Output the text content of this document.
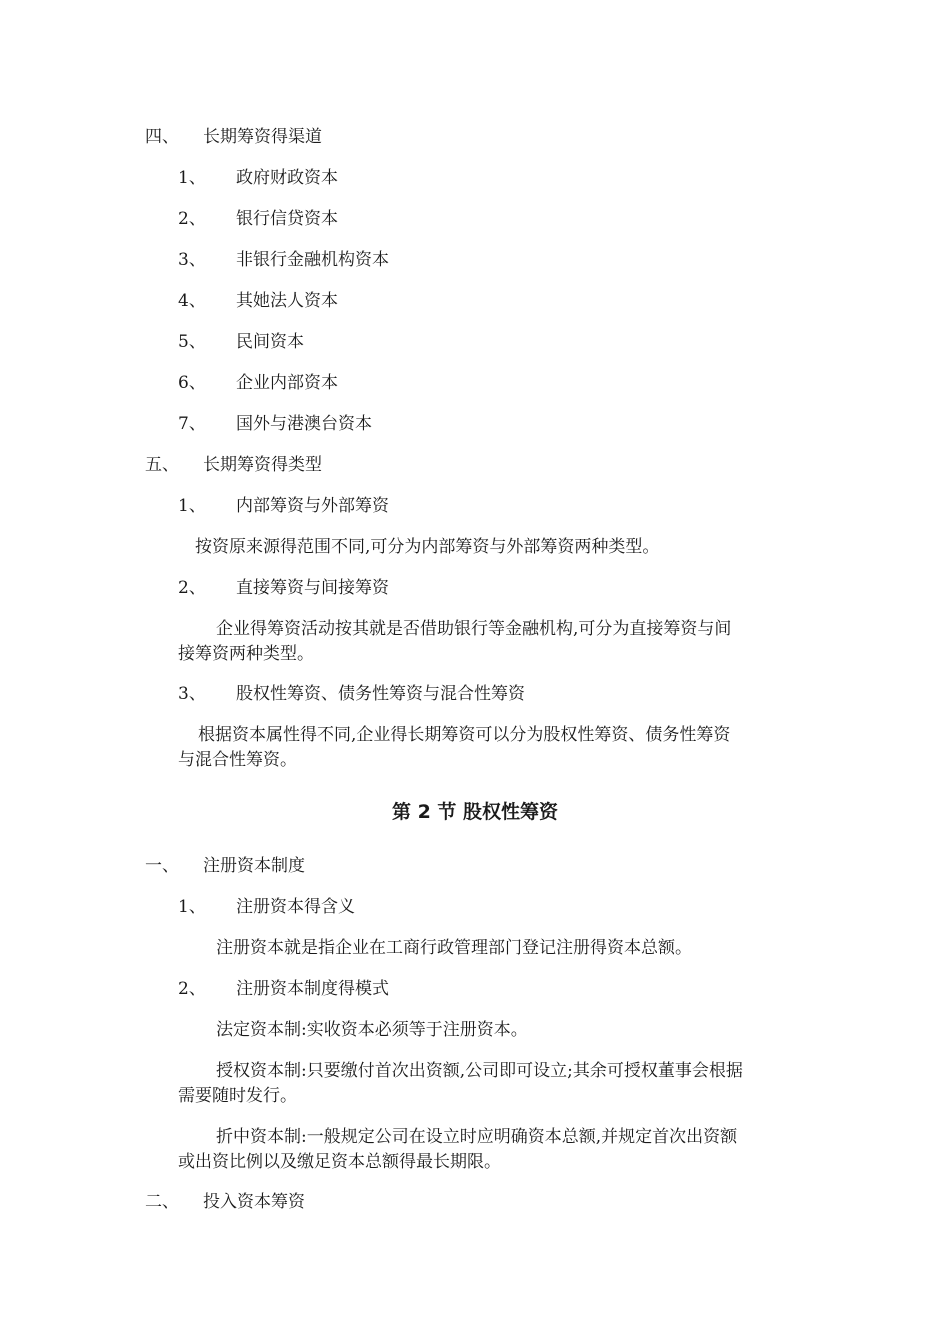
四、 长期筹资得渠道
1、 政府财政资本
2、 银行信贷资本
3、 非银行金融机构资本
4、 其她法人资本
5、 民间资本
6、 企业内部资本
7、 国外与港澳台资本
五、 长期筹资得类型
1、 内部筹资与外部筹资
按资原来源得范围不同,可分为内部筹资与外部筹资两种类型。
2、 直接筹资与间接筹资
企业得筹资活动按其就是否借助银行等金融机构,可分为直接筹资与间
接筹资两种类型。
3、 股权性筹资、债务性筹资与混合性筹资
根据资本属性得不同,企业得长期筹资可以分为股权性筹资、债务性筹资
与混合性筹资。
第 2 节 股权性筹资
一、 注册资本制度
1、 注册资本得含义
注册资本就是指企业在工商行政管理部门登记注册得资本总额。
2、 注册资本制度得模式
法定资本制:实收资本必须等于注册资本。
授权资本制:只要缴付首次出资额,公司即可设立;其余可授权董事会根据
需要随时发行。
折中资本制:一般规定公司在设立时应明确资本总额,并规定首次出资额
或出资比例以及缴足资本总额得最长期限。
二、 投入资本筹资
